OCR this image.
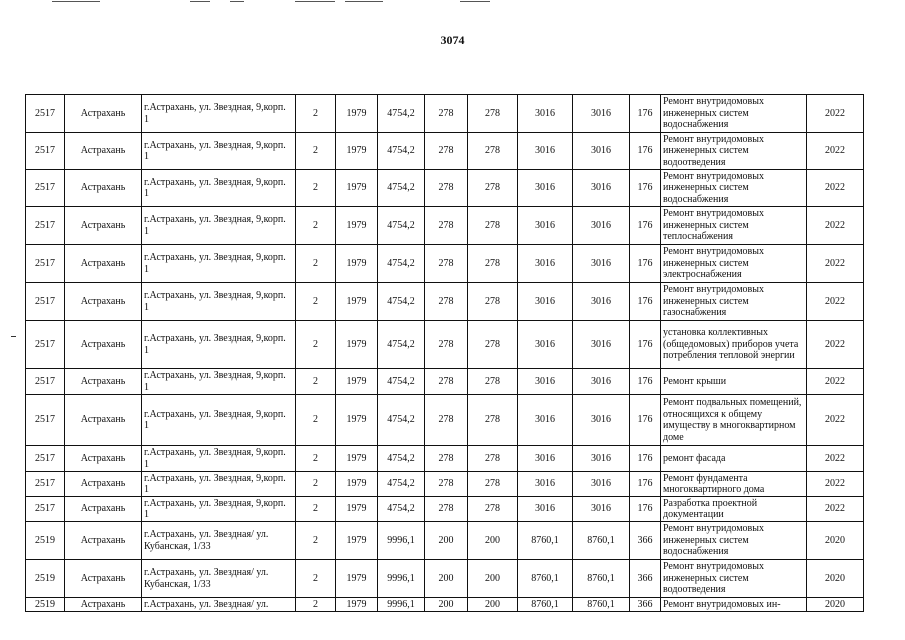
3074
2517	Астрахань	г.Астрахань, ул. Звездная, 9,корп. 1	2	1979	4754,2	278	278	3016	3016	176	Ремонт внутридомовых инженерных систем водоснабжения	2022
2517	Астрахань	г.Астрахань, ул. Звездная, 9,корп. 1	2	1979	4754,2	278	278	3016	3016	176	Ремонт внутридомовых инженерных систем водоотведения	2022
2517	Астрахань	г.Астрахань, ул. Звездная, 9,корп. 1	2	1979	4754,2	278	278	3016	3016	176	Ремонт внутридомовых инженерных систем водоснабжения	2022
2517	Астрахань	г.Астрахань, ул. Звездная, 9,корп. 1	2	1979	4754,2	278	278	3016	3016	176	Ремонт внутридомовых инженерных систем теплоснабжения	2022
2517	Астрахань	г.Астрахань, ул. Звездная, 9,корп. 1	2	1979	4754,2	278	278	3016	3016	176	Ремонт внутридомовых инженерных систем электроснабжения	2022
2517	Астрахань	г.Астрахань, ул. Звездная, 9,корп. 1	2	1979	4754,2	278	278	3016	3016	176	Ремонт внутридомовых инженерных систем газоснабжения	2022
2517	Астрахань	г.Астрахань, ул. Звездная, 9,корп. 1	2	1979	4754,2	278	278	3016	3016	176	установка коллективных (общедомовых) приборов учета потребления тепловой энергии	2022
2517	Астрахань	г.Астрахань, ул. Звездная, 9,корп. 1	2	1979	4754,2	278	278	3016	3016	176	Ремонт крыши	2022
2517	Астрахань	г.Астрахань, ул. Звездная, 9,корп. 1	2	1979	4754,2	278	278	3016	3016	176	Ремонт подвальных помещений, относящихся к общему имуществу в многоквартирном доме	2022
2517	Астрахань	г.Астрахань, ул. Звездная, 9,корп. 1	2	1979	4754,2	278	278	3016	3016	176	ремонт фасада	2022
2517	Астрахань	г.Астрахань, ул. Звездная, 9,корп. 1	2	1979	4754,2	278	278	3016	3016	176	Ремонт фундамента многоквартирного дома	2022
2517	Астрахань	г.Астрахань, ул. Звездная, 9,корп. 1	2	1979	4754,2	278	278	3016	3016	176	Разработка проектной документации	2022
2519	Астрахань	г.Астрахань, ул. Звездная/ ул. Кубанская, 1/33	2	1979	9996,1	200	200	8760,1	8760,1	366	Ремонт внутридомовых инженерных систем водоснабжения	2020
2519	Астрахань	г.Астрахань, ул. Звездная/ ул. Кубанская, 1/33	2	1979	9996,1	200	200	8760,1	8760,1	366	Ремонт внутридомовых инженерных систем водоотведения	2020
2519	Астрахань	г.Астрахань, ул. Звездная/ ул.	2	1979	9996,1	200	200	8760,1	8760,1	366	Ремонт внутридомовых ин-	2020
